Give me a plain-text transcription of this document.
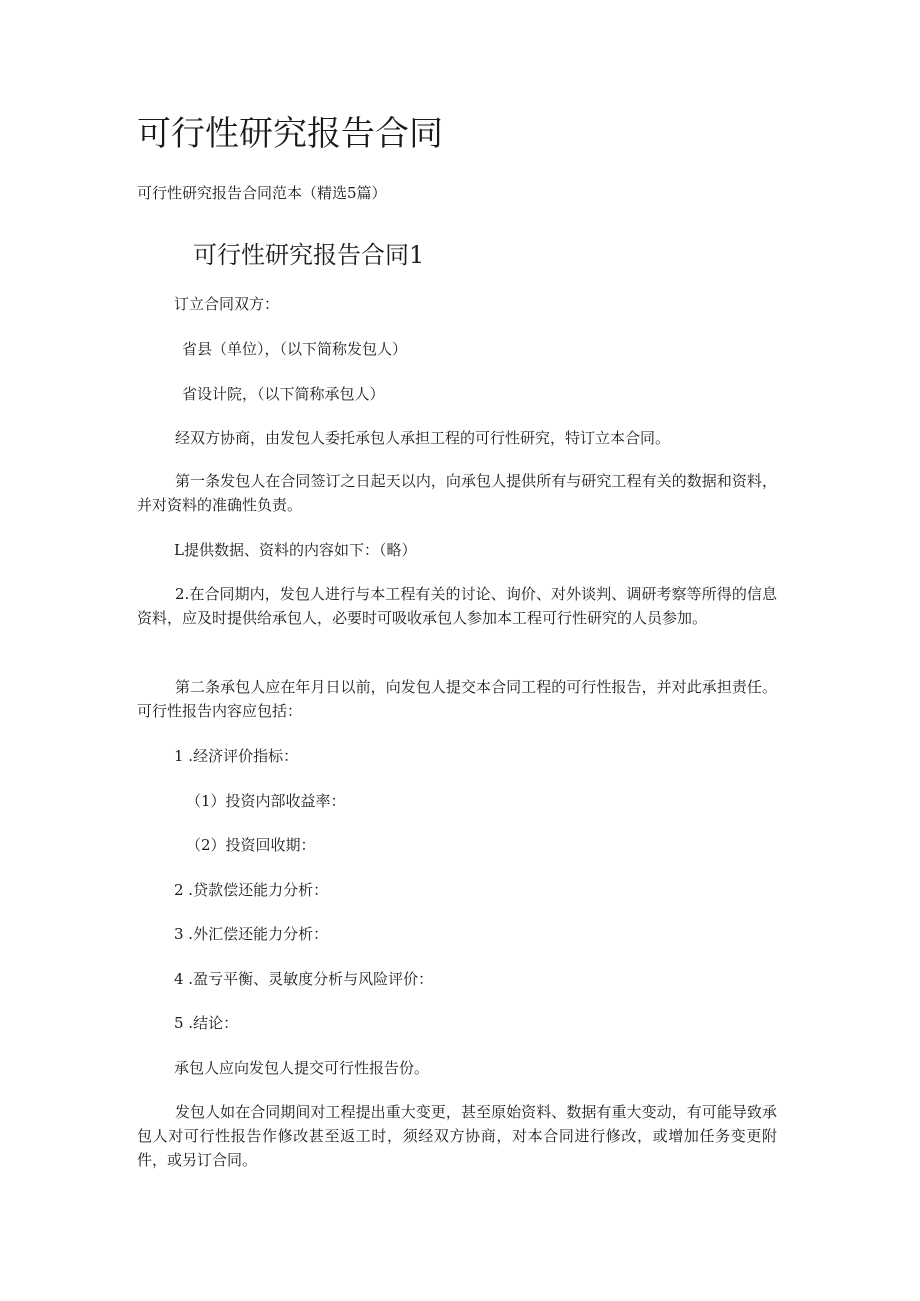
可行性研究报告合同

可行性研究报告合同范本（精选5篇）

可行性研究报告合同1

订立合同双方：

省县（单位），（以下简称发包人）

省设计院，（以下简称承包人）

经双方协商，由发包人委托承包人承担工程的可行性研究，特订立本合同。

第一条发包人在合同签订之日起天以内，向承包人提供所有与研究工程有关的数据和资料，并对资料的准确性负责。

L提供数据、资料的内容如下：（略）

2.在合同期内，发包人进行与本工程有关的讨论、询价、对外谈判、调研考察等所得的信息资料，应及时提供给承包人，必要时可吸收承包人参加本工程可行性研究的人员参加。

第二条承包人应在年月日以前，向发包人提交本合同工程的可行性报告，并对此承担责任。可行性报告内容应包括：

1 .经济评价指标：

（1）投资内部收益率：

（2）投资回收期：

2 .贷款偿还能力分析：

3 .外汇偿还能力分析：

4 .盈亏平衡、灵敏度分析与风险评价：

5 .结论：

承包人应向发包人提交可行性报告份。

发包人如在合同期间对工程提出重大变更，甚至原始资料、数据有重大变动，有可能导致承包人对可行性报告作修改甚至返工时，须经双方协商，对本合同进行修改，或增加任务变更附件，或另订合同。
